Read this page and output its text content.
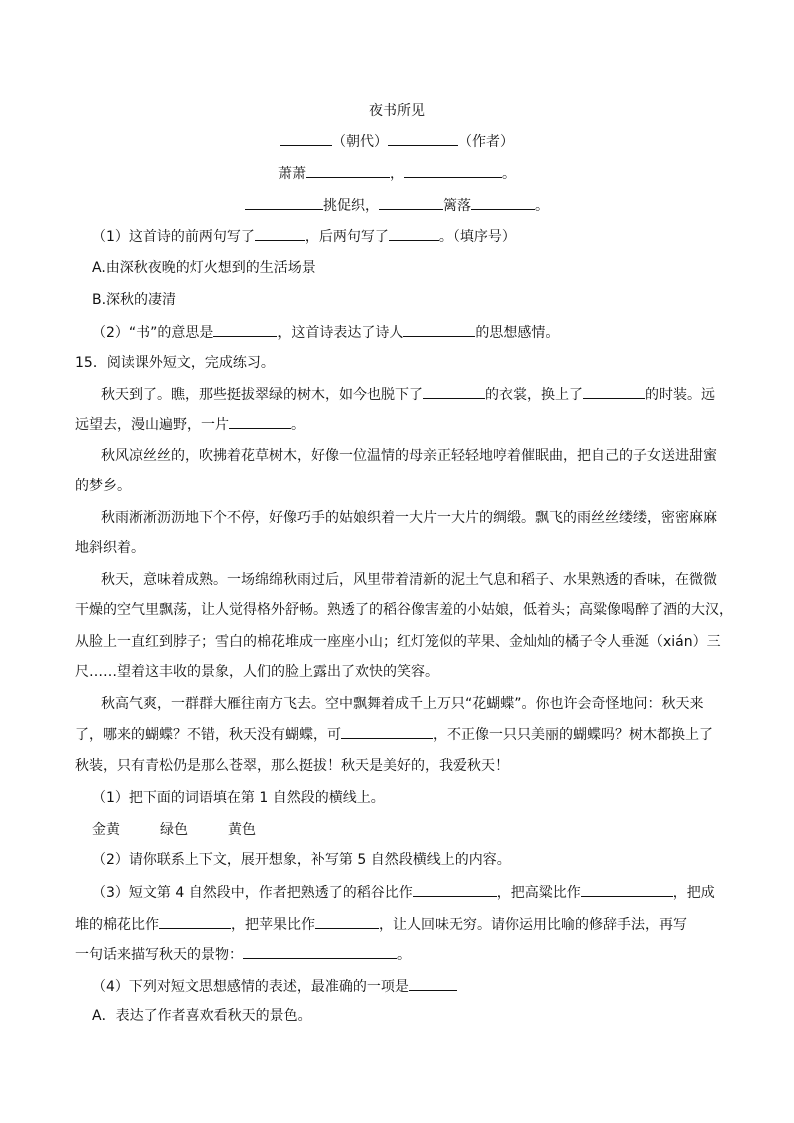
夜书所见
（朝代）	（作者）
萧萧	，	。
挑促织，	篱落	。
（1）这首诗的前两句写了	，后两句写了	。（填序号）
A.由深秋夜晚的灯火想到的生活场景
B.深秋的凄清
（2）“书”的意思是	，这首诗表达了诗人	的思想感情。
15．阅读课外短文，完成练习。
秋天到了。瞧，那些挺拔翠绿的树木，如今也脱下了	的衣裳，换上了	的时装。远
远望去，漫山遍野，一片	。
秋风凉丝丝的，吹拂着花草树木，好像一位温情的母亲正轻轻地哼着催眠曲，把自己的子女送进甜蜜
的梦乡。
秋雨淅淅沥沥地下个不停，好像巧手的姑娘织着一大片一大片的绸缎。飘飞的雨丝丝缕缕，密密麻麻
地斜织着。
秋天，意味着成熟。一场绵绵秋雨过后，风里带着清新的泥土气息和稻子、水果熟透的香味，在微微
干燥的空气里飘荡，让人觉得格外舒畅。熟透了的稻谷像害羞的小姑娘，低着头；高粱像喝醉了酒的大汉，
从脸上一直红到脖子；雪白的棉花堆成一座座小山；红灯笼似的苹果、金灿灿的橘子令人垂涎（xián）三
尺……望着这丰收的景象，人们的脸上露出了欢快的笑容。
秋高气爽，一群群大雁往南方飞去。空中飘舞着成千上万只“花蝴蝶”。你也许会奇怪地问：秋天来
了，哪来的蝴蝶？不错，秋天没有蝴蝶，可	，不正像一只只美丽的蝴蝶吗？树木都换上了
秋装，只有青松仍是那么苍翠，那么挺拔！秋天是美好的，我爱秋天！
（1）把下面的词语填在第 1 自然段的横线上。
金黄	绿色	黄色
（2）请你联系上下文，展开想象，补写第 5 自然段横线上的内容。
（3）短文第 4 自然段中，作者把熟透了的稻谷比作	，把高粱比作	，把成
堆的棉花比作	，把苹果比作	，让人回味无穷。请你运用比喻的修辞手法，再写
一句话来描写秋天的景物：	。
（4）下列对短文思想感情的表述，最准确的一项是
A．表达了作者喜欢看秋天的景色。
